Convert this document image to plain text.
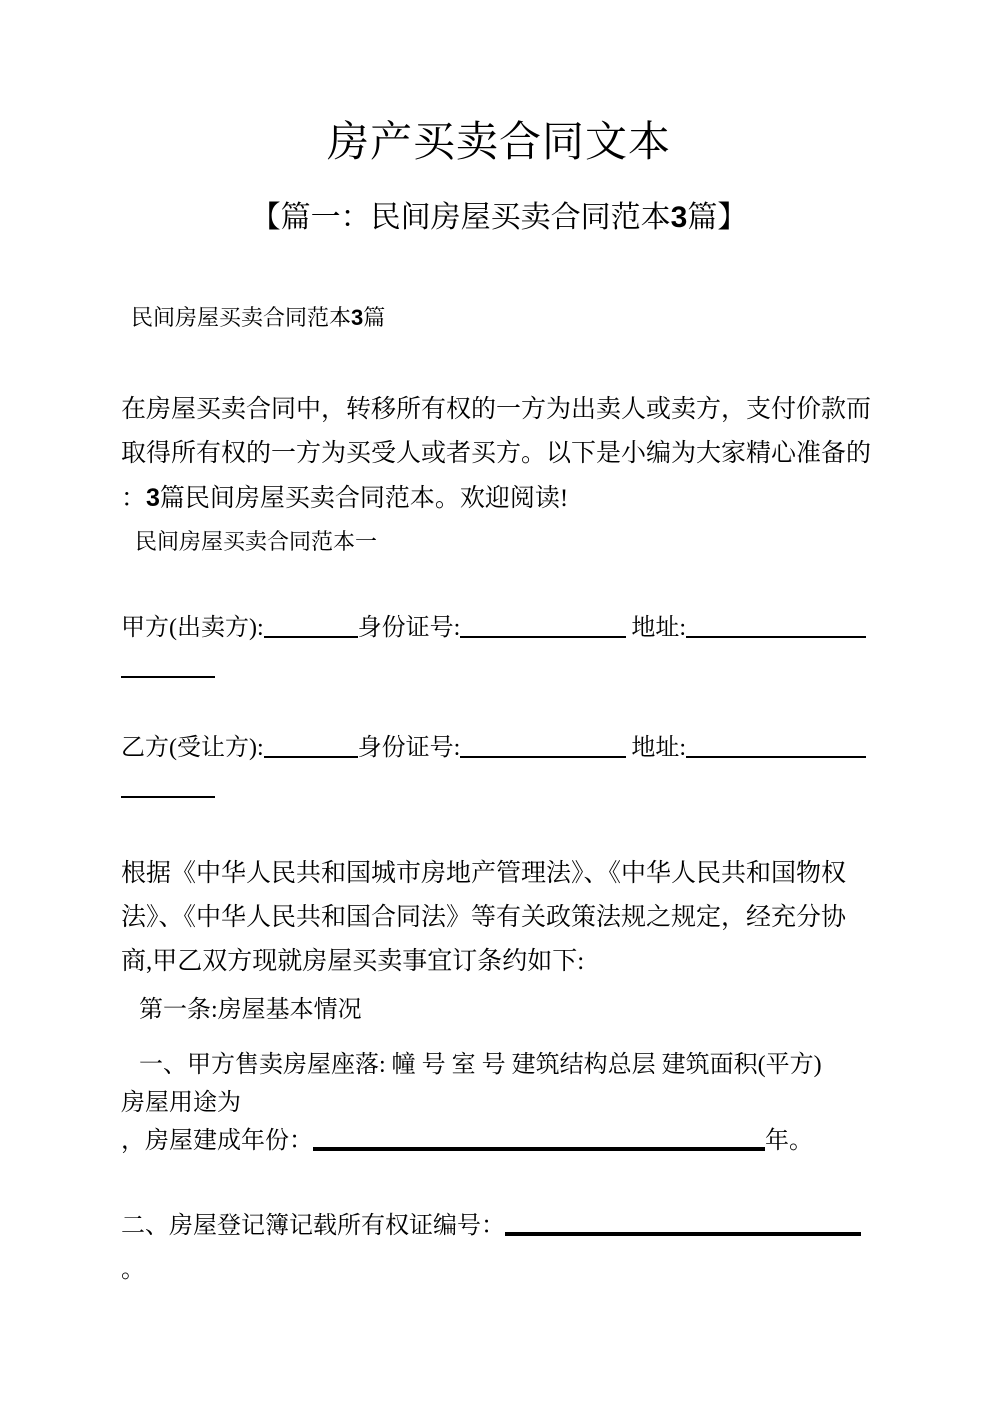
房产买卖合同文本
【篇一：民间房屋买卖合同范本3篇】
民间房屋买卖合同范本3篇
在房屋买卖合同中，转移所有权的一方为出卖人或卖方，支付价款而
取得所有权的一方为买受人或者买方。以下是小编为大家精心准备的
：3篇民间房屋买卖合同范本。欢迎阅读!
民间房屋买卖合同范本一
甲方(出卖方):	身份证号:	地址:
乙方(受让方):	身份证号:	地址:
根据《中华人民共和国城市房地产管理法》、《中华人民共和国物权
法》、《中华人民共和国合同法》等有关政策法规之规定，经充分协
商,甲乙双方现就房屋买卖事宜订条约如下:
第一条:房屋基本情况
一、甲方售卖房屋座落: 幢 号 室 号 建筑结构总层 建筑面积(平方)
房屋用途为
，房屋建成年份：	年。
二、房屋登记簿记载所有权证编号：
。
